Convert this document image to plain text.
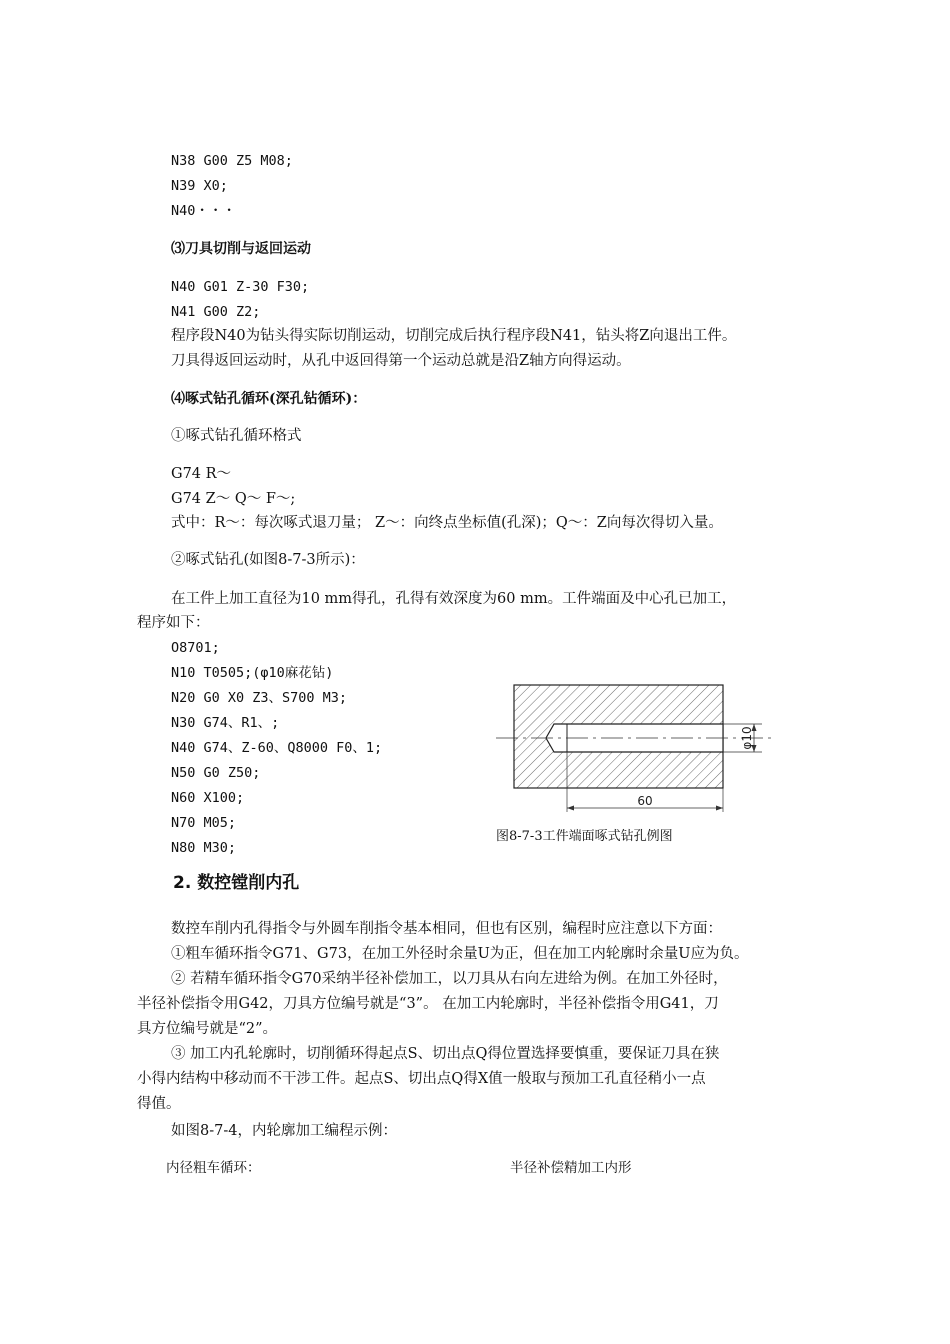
N38 G00 Z5 M08;
N39 X0;
N40・・・
⑶刀具切削与返回运动
N40 G01 Z-30 F30;
N41 G00 Z2;
程序段N40为钻头得实际切削运动，切削完成后执行程序段N41，钻头将Z向退出工件。
刀具得返回运动时，从孔中返回得第一个运动总就是沿Z轴方向得运动。
⑷啄式钻孔循环(深孔钻循环)：
①啄式钻孔循环格式
G74 R～
G74 Z～ Q～ F～;
式中：R～：每次啄式退刀量； Z～：向终点坐标值(孔深)；Q～：Z向每次得切入量。
②啄式钻孔(如图8-7-3所示)：
在工件上加工直径为10 mm得孔，孔得有效深度为60 mm。工件端面及中心孔已加工，
程序如下：
O8701;
N10 T0505;(φ10麻花钻)
N20 G0 X0 Z3、S700 M3;
N30 G74、R1、;
N40 G74、Z-60、Q8000 F0、1;
N50 G0 Z50;
N60 X100;
N70 M05;
N80 M30;
2. 数控镗削内孔
数控车削内孔得指令与外圆车削指令基本相同，但也有区别，编程时应注意以下方面：
①粗车循环指令G71、G73，在加工外径时余量U为正，但在加工内轮廓时余量U应为负。
② 若精车循环指令G70采纳半径补偿加工，以刀具从右向左进给为例。在加工外径时，
半径补偿指令用G42，刀具方位编号就是“3”。 在加工内轮廓时，半径补偿指令用G41，刀
具方位编号就是“2”。
③ 加工内孔轮廓时，切削循环得起点S、切出点Q得位置选择要慎重，要保证刀具在狭
小得内结构中移动而不干涉工件。起点S、切出点Q得X值一般取与预加工孔直径稍小一点
得值。
如图8-7-4，内轮廓加工编程示例：
内径粗车循环：	半径补偿精加工内形
φ10
60
图8-7-3工件端面啄式钻孔例图
